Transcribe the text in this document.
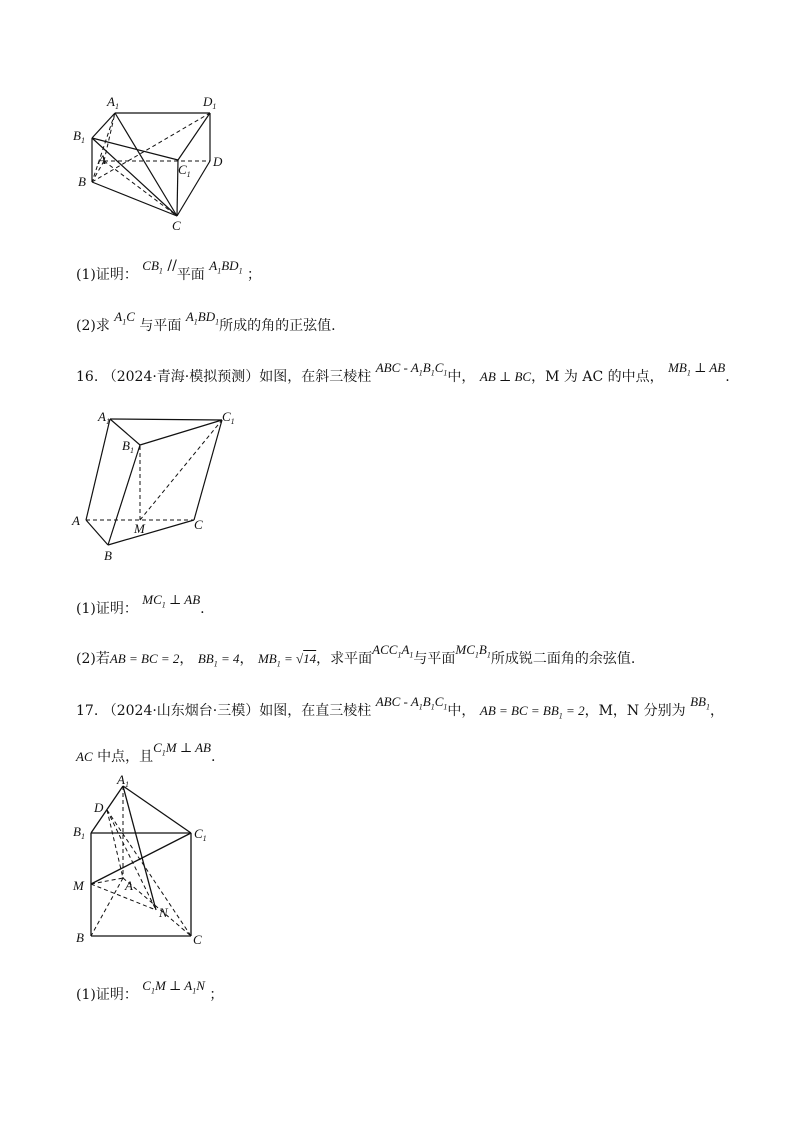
$A_1$	$D_1$
$B_1$
A
$C_1$
D
B
C
(1)证明： $CB_1$ //平面 $A_1BD_1$ ；
(2)求 $A_1C$ 与平面 $A_1BD_1$所成的角的正弦值.
16. （2024·青海·模拟预测）如图，在斜三棱柱 ABC - $A_1B_1C_1$中， AB ⊥ BC，M 为 AC 的中点， $MB_1$ ⊥ AB.
$A_1$	$C_1$
$B_1$
A
M	C
B
(1)证明： $MC_1$ ⊥ AB.
(2)若AB = BC = 2， $BB_1 = 4$， $MB_1 = √14$，求平面$ACC_1A_1$与平面$MC_1B_1$所成锐二面角的余弦值.
17. （2024·山东烟台·三模）如图，在直三棱柱 ABC - $A_1B_1C_1$中， AB = BC = $BB_1 = 2$，M，N 分别为 $BB_1$，
AC 中点，且$C_1M$ ⊥ AB.
$A_1$
D
$B_1$	$C_1$
M	A
N
B	C
(1)证明： $C_1M$ ⊥ $A_1N$ ；
